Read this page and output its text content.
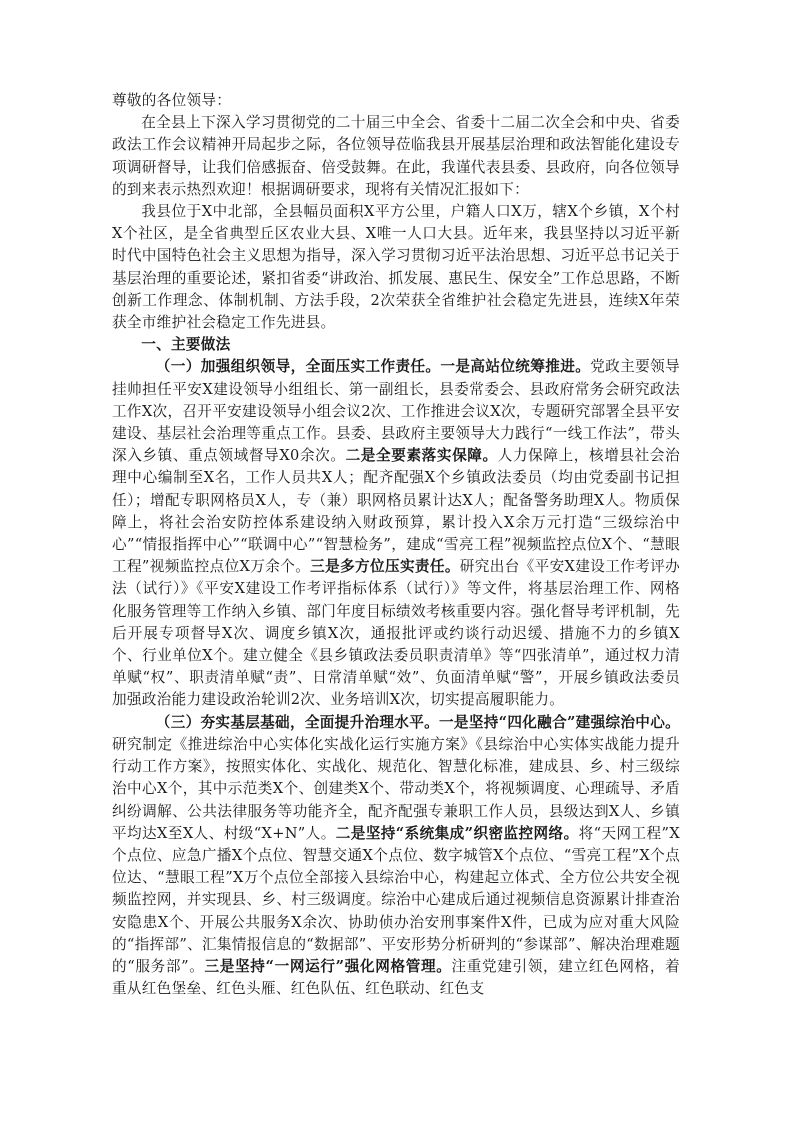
尊敬的各位领导：

在全县上下深入学习贯彻党的二十届三中全会、省委十二届二次全会和中央、省委政法工作会议精神开局起步之际，各位领导莅临我县开展基层治理和政法智能化建设专项调研督导，让我们倍感振奋、倍受鼓舞。在此，我谨代表县委、县政府，向各位领导的到来表示热烈欢迎！根据调研要求，现将有关情况汇报如下：

我县位于X中北部，全县幅员面积X平方公里，户籍人口X万，辖X个乡镇，X个村X个社区，是全省典型丘区农业大县、X唯一人口大县。近年来，我县坚持以习近平新时代中国特色社会主义思想为指导，深入学习贯彻习近平法治思想、习近平总书记关于基层治理的重要论述，紧扣省委“讲政治、抓发展、惠民生、保安全”工作总思路，不断创新工作理念、体制机制、方法手段，2次荣获全省维护社会稳定先进县，连续X年荣获全市维护社会稳定工作先进县。

一、主要做法

（一）加强组织领导，全面压实工作责任。一是高站位统筹推进。党政主要领导挂帅担任平安X建设领导小组组长、第一副组长，县委常委会、县政府常务会研究政法工作X次，召开平安建设领导小组会议2次、工作推进会议X次，专题研究部署全县平安建设、基层社会治理等重点工作。县委、县政府主要领导大力践行“一线工作法”，带头深入乡镇、重点领域督导X0余次。二是全要素落实保障。人力保障上，核增县社会治理中心编制至X名，工作人员共X人；配齐配强X个乡镇政法委员（均由党委副书记担任）；增配专职网格员X人，专（兼）职网格员累计达X人；配备警务助理X人。物质保障上，将社会治安防控体系建设纳入财政预算，累计投入X余万元打造“三级综治中心”“情报指挥中心”“联调中心”“智慧检务”，建成“雪亮工程”视频监控点位X个、“慧眼工程”视频监控点位X万余个。三是多方位压实责任。研究出台《平安X建设工作考评办法（试行）》《平安X建设工作考评指标体系（试行）》等文件，将基层治理工作、网格化服务管理等工作纳入乡镇、部门年度目标绩效考核重要内容。强化督导考评机制，先后开展专项督导X次、调度乡镇X次，通报批评或约谈行动迟缓、措施不力的乡镇X个、行业单位X个。建立健全《县乡镇政法委员职责清单》等“四张清单”，通过权力清单赋“权”、职责清单赋“责”、日常清单赋“效”、负面清单赋“警”，开展乡镇政法委员加强政治能力建设政治轮训2次、业务培训X次，切实提高履职能力。

（三）夯实基层基础，全面提升治理水平。一是坚持“四化融合”建强综治中心。研究制定《推进综治中心实体化实战化运行实施方案》《县综治中心实体实战能力提升行动工作方案》，按照实体化、实战化、规范化、智慧化标准，建成县、乡、村三级综治中心X个，其中示范类X个、创建类X个、带动类X个，将视频调度、心理疏导、矛盾纠纷调解、公共法律服务等功能齐全，配齐配强专兼职工作人员，县级达到X人、乡镇平均达X至X人、村级“X+N”人。二是坚持“系统集成”织密监控网络。将“天网工程”X个点位、应急广播X个点位、智慧交通X个点位、数字城管X个点位、“雪亮工程”X个点位达、“慧眼工程”X万个点位全部接入县综治中心，构建起立体式、全方位公共安全视频监控网，并实现县、乡、村三级调度。综治中心建成后通过视频信息资源累计排查治安隐患X个、开展公共服务X余次、协助侦办治安刑事案件X件，已成为应对重大风险的“指挥部”、汇集情报信息的“数据部”、平安形势分析研判的“参谋部”、解决治理难题的“服务部”。三是坚持“一网运行”强化网格管理。注重党建引领，建立红色网格，着重从红色堡垒、红色头雁、红色队伍、红色联动、红色支
